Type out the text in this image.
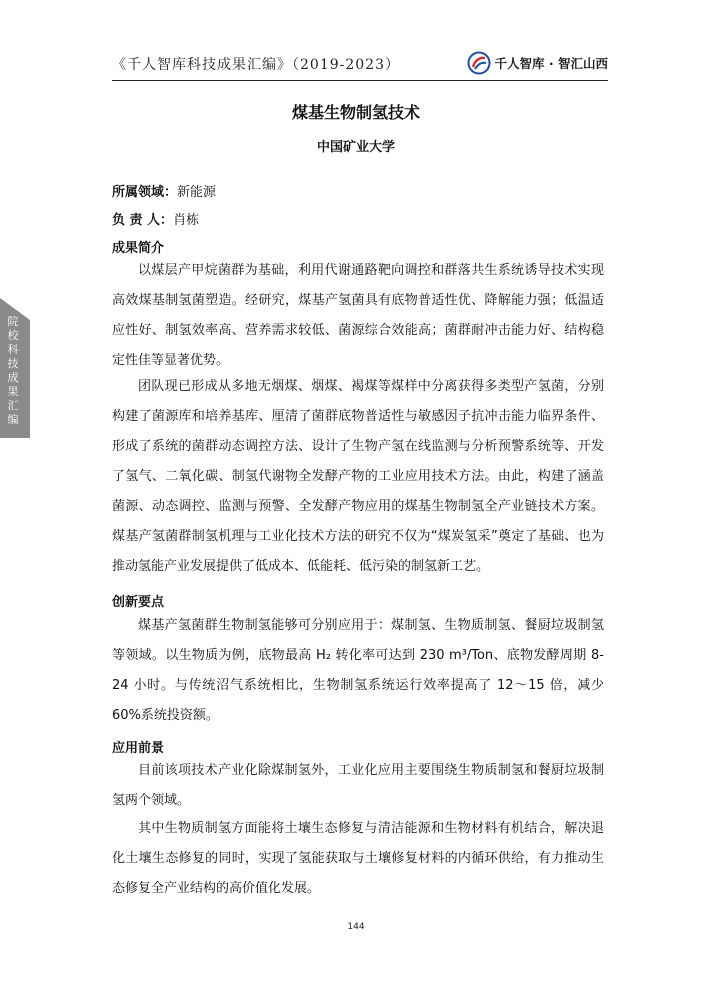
《千人智库科技成果汇编》（2019-2023）	千人智库 · 智汇山西
院校科技成果汇编
煤基生物制氢技术
中国矿业大学
所属领域：新能源
负 责 人：肖栋
成果简介

以煤层产甲烷菌群为基础，利用代谢通路靶向调控和群落共生系统诱导技术实现高效煤基制氢菌塑造。经研究，煤基产氢菌具有底物普适性优、降解能力强；低温适应性好、制氢效率高、营养需求较低、菌源综合效能高；菌群耐冲击能力好、结构稳定性佳等显著优势。

团队现已形成从多地无烟煤、烟煤、褐煤等煤样中分离获得多类型产氢菌，分别构建了菌源库和培养基库、厘清了菌群底物普适性与敏感因子抗冲击能力临界条件、形成了系统的菌群动态调控方法、设计了生物产氢在线监测与分析预警系统等、开发了氢气、二氧化碳、制氢代谢物全发酵产物的工业应用技术方法。由此，构建了涵盖菌源、动态调控、监测与预警、全发酵产物应用的煤基生物制氢全产业链技术方案。煤基产氢菌群制氢机理与工业化技术方法的研究不仅为“煤炭氢采”奠定了基础、也为推动氢能产业发展提供了低成本、低能耗、低污染的制氢新工艺。

创新要点

煤基产氢菌群生物制氢能够可分别应用于：煤制氢、生物质制氢、餐厨垃圾制氢等领域。以生物质为例，底物最高 H₂ 转化率可达到 230 m³/Ton、底物发酵周期 8-24 小时。与传统沼气系统相比，生物制氢系统运行效率提高了 12～15 倍，减少 60%系统投资额。

应用前景

目前该项技术产业化除煤制氢外，工业化应用主要围绕生物质制氢和餐厨垃圾制氢两个领域。

其中生物质制氢方面能将土壤生态修复与清洁能源和生物材料有机结合，解决退化土壤生态修复的同时，实现了氢能获取与土壤修复材料的内循环供给，有力推动生态修复全产业结构的高价值化发展。

144
